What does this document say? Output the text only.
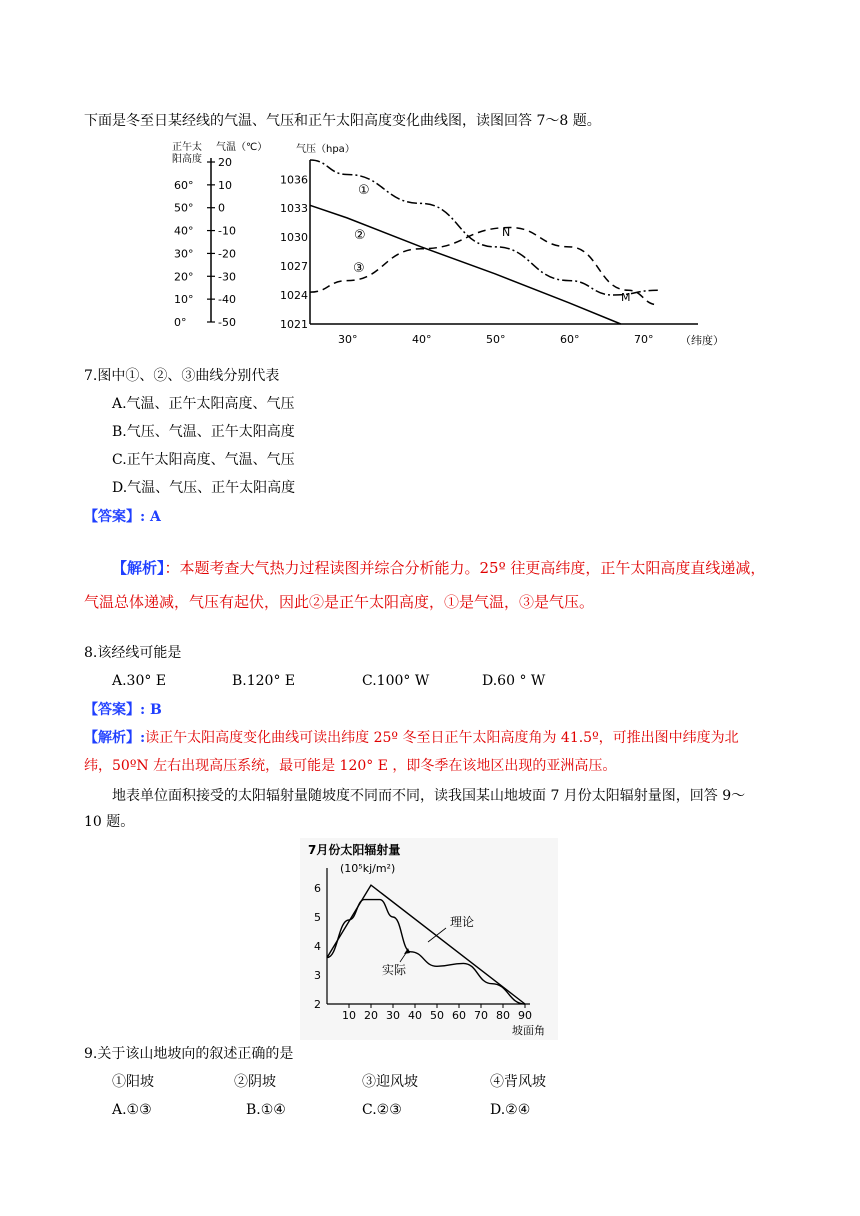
下面是冬至日某经线的气温、气压和正午太阳高度变化曲线图，读图回答 7～8 题。
正午太
阳高度
气温（℃）	气压（hpa）
20
10
0
-10
-20
-30
-40
-50
60°
50°
40°
30°
20°
10°
0°
1036
1033
1030
1027
1024
1021
30°	40°	50°	60°	70° （纬度）
①
②
③
N
M
7.图中①、②、③曲线分别代表
A.气温、正午太阳高度、气压
B.气压、气温、正午太阳高度
C.正午太阳高度、气温、气压
D.气温、气压、正午太阳高度
【答案】: A
【解析】：本题考查大气热力过程读图并综合分析能力。25º 往更高纬度，正午太阳高度直线递减，
气温总体递减，气压有起伏，因此②是正午太阳高度，①是气温，③是气压。
8.该经线可能是
A.30° E	B.120° E	C.100° W	D.60 ° W
【答案】: B
【解析】:读正午太阳高度变化曲线可读出纬度 25º 冬至日正午太阳高度角为 41.5º，可推出图中纬度为北
纬，50ºN 左右出现高压系统，最可能是 120° E ，即冬季在该地区出现的亚洲高压。
地表单位面积接受的太阳辐射量随坡度不同而不同，读我国某山地坡面 7 月份太阳辐射量图，回答 9～
10 题。
7月份太阳辐射量
(10⁵kj/m²)
6
5
4
3
2
10 20 30 40 50 60 70 80 90
坡面角
理论
实际
9.关于该山地坡向的叙述正确的是
①阳坡	②阴坡	③迎风坡	④背风坡
A.①③	B.①④	C.②③	D.②④
